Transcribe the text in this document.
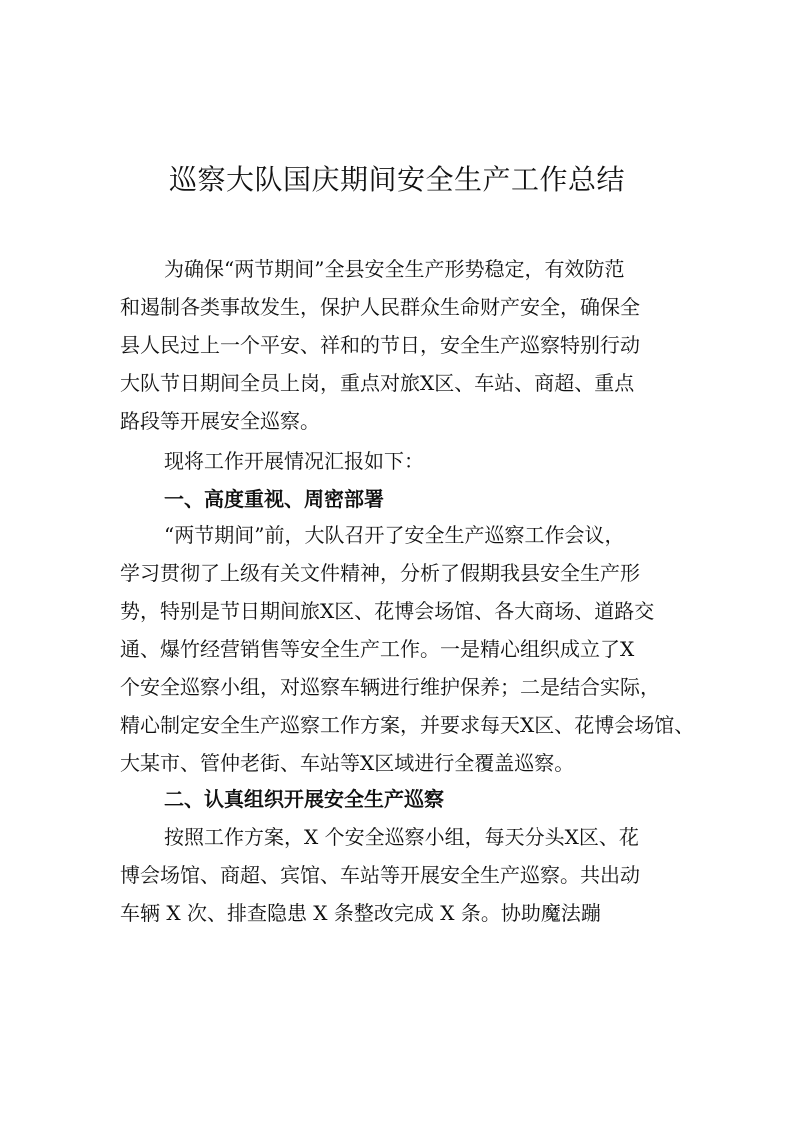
巡察大队国庆期间安全生产工作总结
为确保“两节期间”全县安全生产形势稳定，有效防范
和遏制各类事故发生，保护人民群众生命财产安全，确保全
县人民过上一个平安、祥和的节日，安全生产巡察特别行动
大队节日期间全员上岗，重点对旅X区、车站、商超、重点
路段等开展安全巡察。
现将工作开展情况汇报如下：
一、高度重视、周密部署
“两节期间”前，大队召开了安全生产巡察工作会议，
学习贯彻了上级有关文件精神，分析了假期我县安全生产形
势，特别是节日期间旅X区、花博会场馆、各大商场、道路交
通、爆竹经营销售等安全生产工作。一是精心组织成立了X
个安全巡察小组，对巡察车辆进行维护保养；二是结合实际，
精心制定安全生产巡察工作方案，并要求每天X区、花博会场馆、
大某市、管仲老街、车站等X区域进行全覆盖巡察。
二、认真组织开展安全生产巡察
按照工作方案，X 个安全巡察小组，每天分头X区、花
博会场馆、商超、宾馆、车站等开展安全生产巡察。共出动
车辆 X 次、排查隐患 X 条整改完成 X 条。协助魔法蹦
